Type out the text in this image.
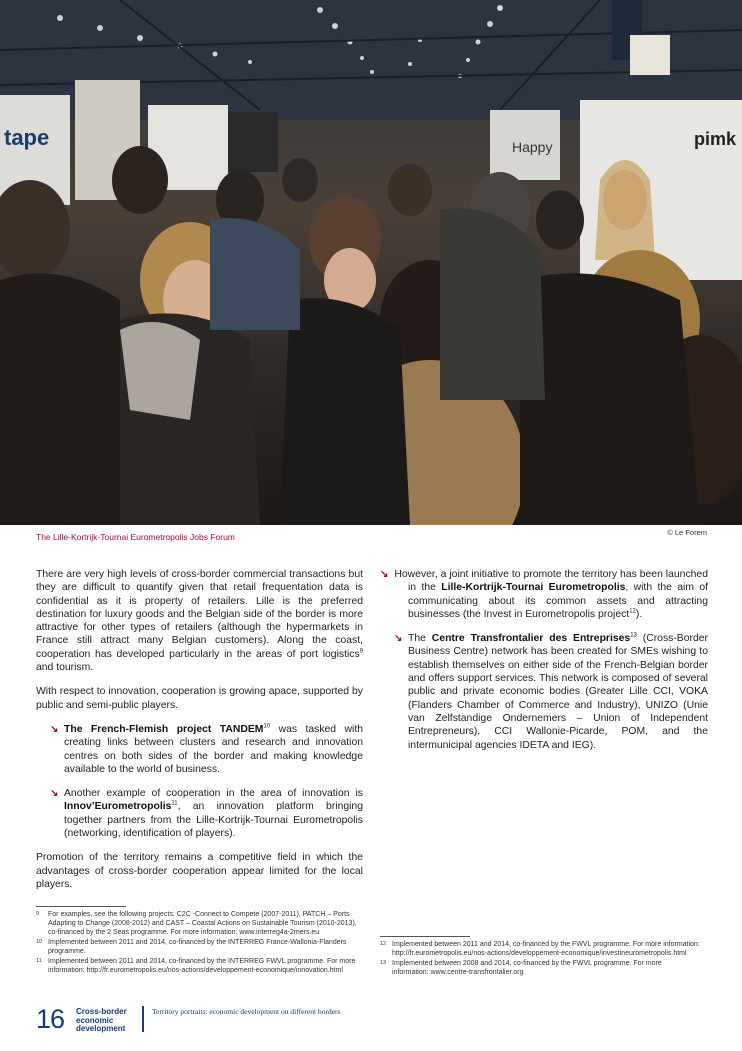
tape	Happy	pimk
The Lille-Kortrijk-Tournai Eurometropolis Jobs Forum	© Le Forem

There are very high levels of cross-border commercial transactions but they are difficult to quantify given that retail frequentation data is confidential as it is property of retailers. Lille is the preferred destination for luxury goods and the Belgian side of the border is more attractive for other types of retailers (although the hypermarkets in France still attract many Belgian customers). Along the coast, cooperation has developed particularly in the areas of port logistics$^9$ and tourism.

With respect to innovation, cooperation is growing apace, supported by public and semi-public players.

↘ The French-Flemish project TANDEM$^{10}$ was tasked with creating links between clusters and research and innovation centres on both sides of the border and making knowledge available to the world of business.
↘ Another example of cooperation in the area of innovation is Innov’Eurometropolis$^{11}$, an innovation platform bringing together partners from the Lille-Kortrijk-Tournai Eurometropolis (networking, identification of players).

Promotion of the territory remains a competitive field in which the advantages of cross-border cooperation appear limited for the local players.

↘ However, a joint initiative to promote the territory has been launched in the Lille-Kortrijk-Tournai Eurometropolis, with the aim of communicating about its common assets and attracting businesses (the Invest in Eurometropolis project$^{12}$).
↘ The Centre Transfrontalier des Entreprises$^{13}$ (Cross-Border Business Centre) network has been created for SMEs wishing to establish themselves on either side of the French-Belgian border and offers support services. This network is composed of several public and private economic bodies (Greater Lille CCI, VOKA (Flanders Chamber of Commerce and Industry), UNIZO (Unie van Zelfstandige Ondernemers – Union of Independent Entrepreneurs), CCI Wallonie-Picarde, POM, and the intermunicipal agencies IDETA and IEG).
9 For examples, see the following projects: C2C -Connect to Compete (2007-2011), PATCH – Ports Adapting to Change (2008-2012) and CAST – Coastal Actions on Sustainable Tourism (2010-2013), co-financed by the 2 Seas programme. For more information: www.interreg4a-2mers.eu
10 Implemented between 2011 and 2014, co-financed by the INTERREG France-Wallonia-Flanders programme.
11 Implemented between 2011 and 2014, co-financed by the INTERREG FWVL programme. For more information: http://fr.eurometropolis.eu/nos-actions/developpement-economique/innovation.html
12 Implemented between 2011 and 2014, co-financed by the FWVL programme. For more information: http://fr.eurometropolis.eu/nos-actions/developpement-economique/investineurometropolis.html
13 Implemented between 2008 and 2014, co-financed by the FWVL programme. For more information: www.centre-transfrontalier.org
16 Cross-border
economic
development
Territory portraits: economic development on different borders
